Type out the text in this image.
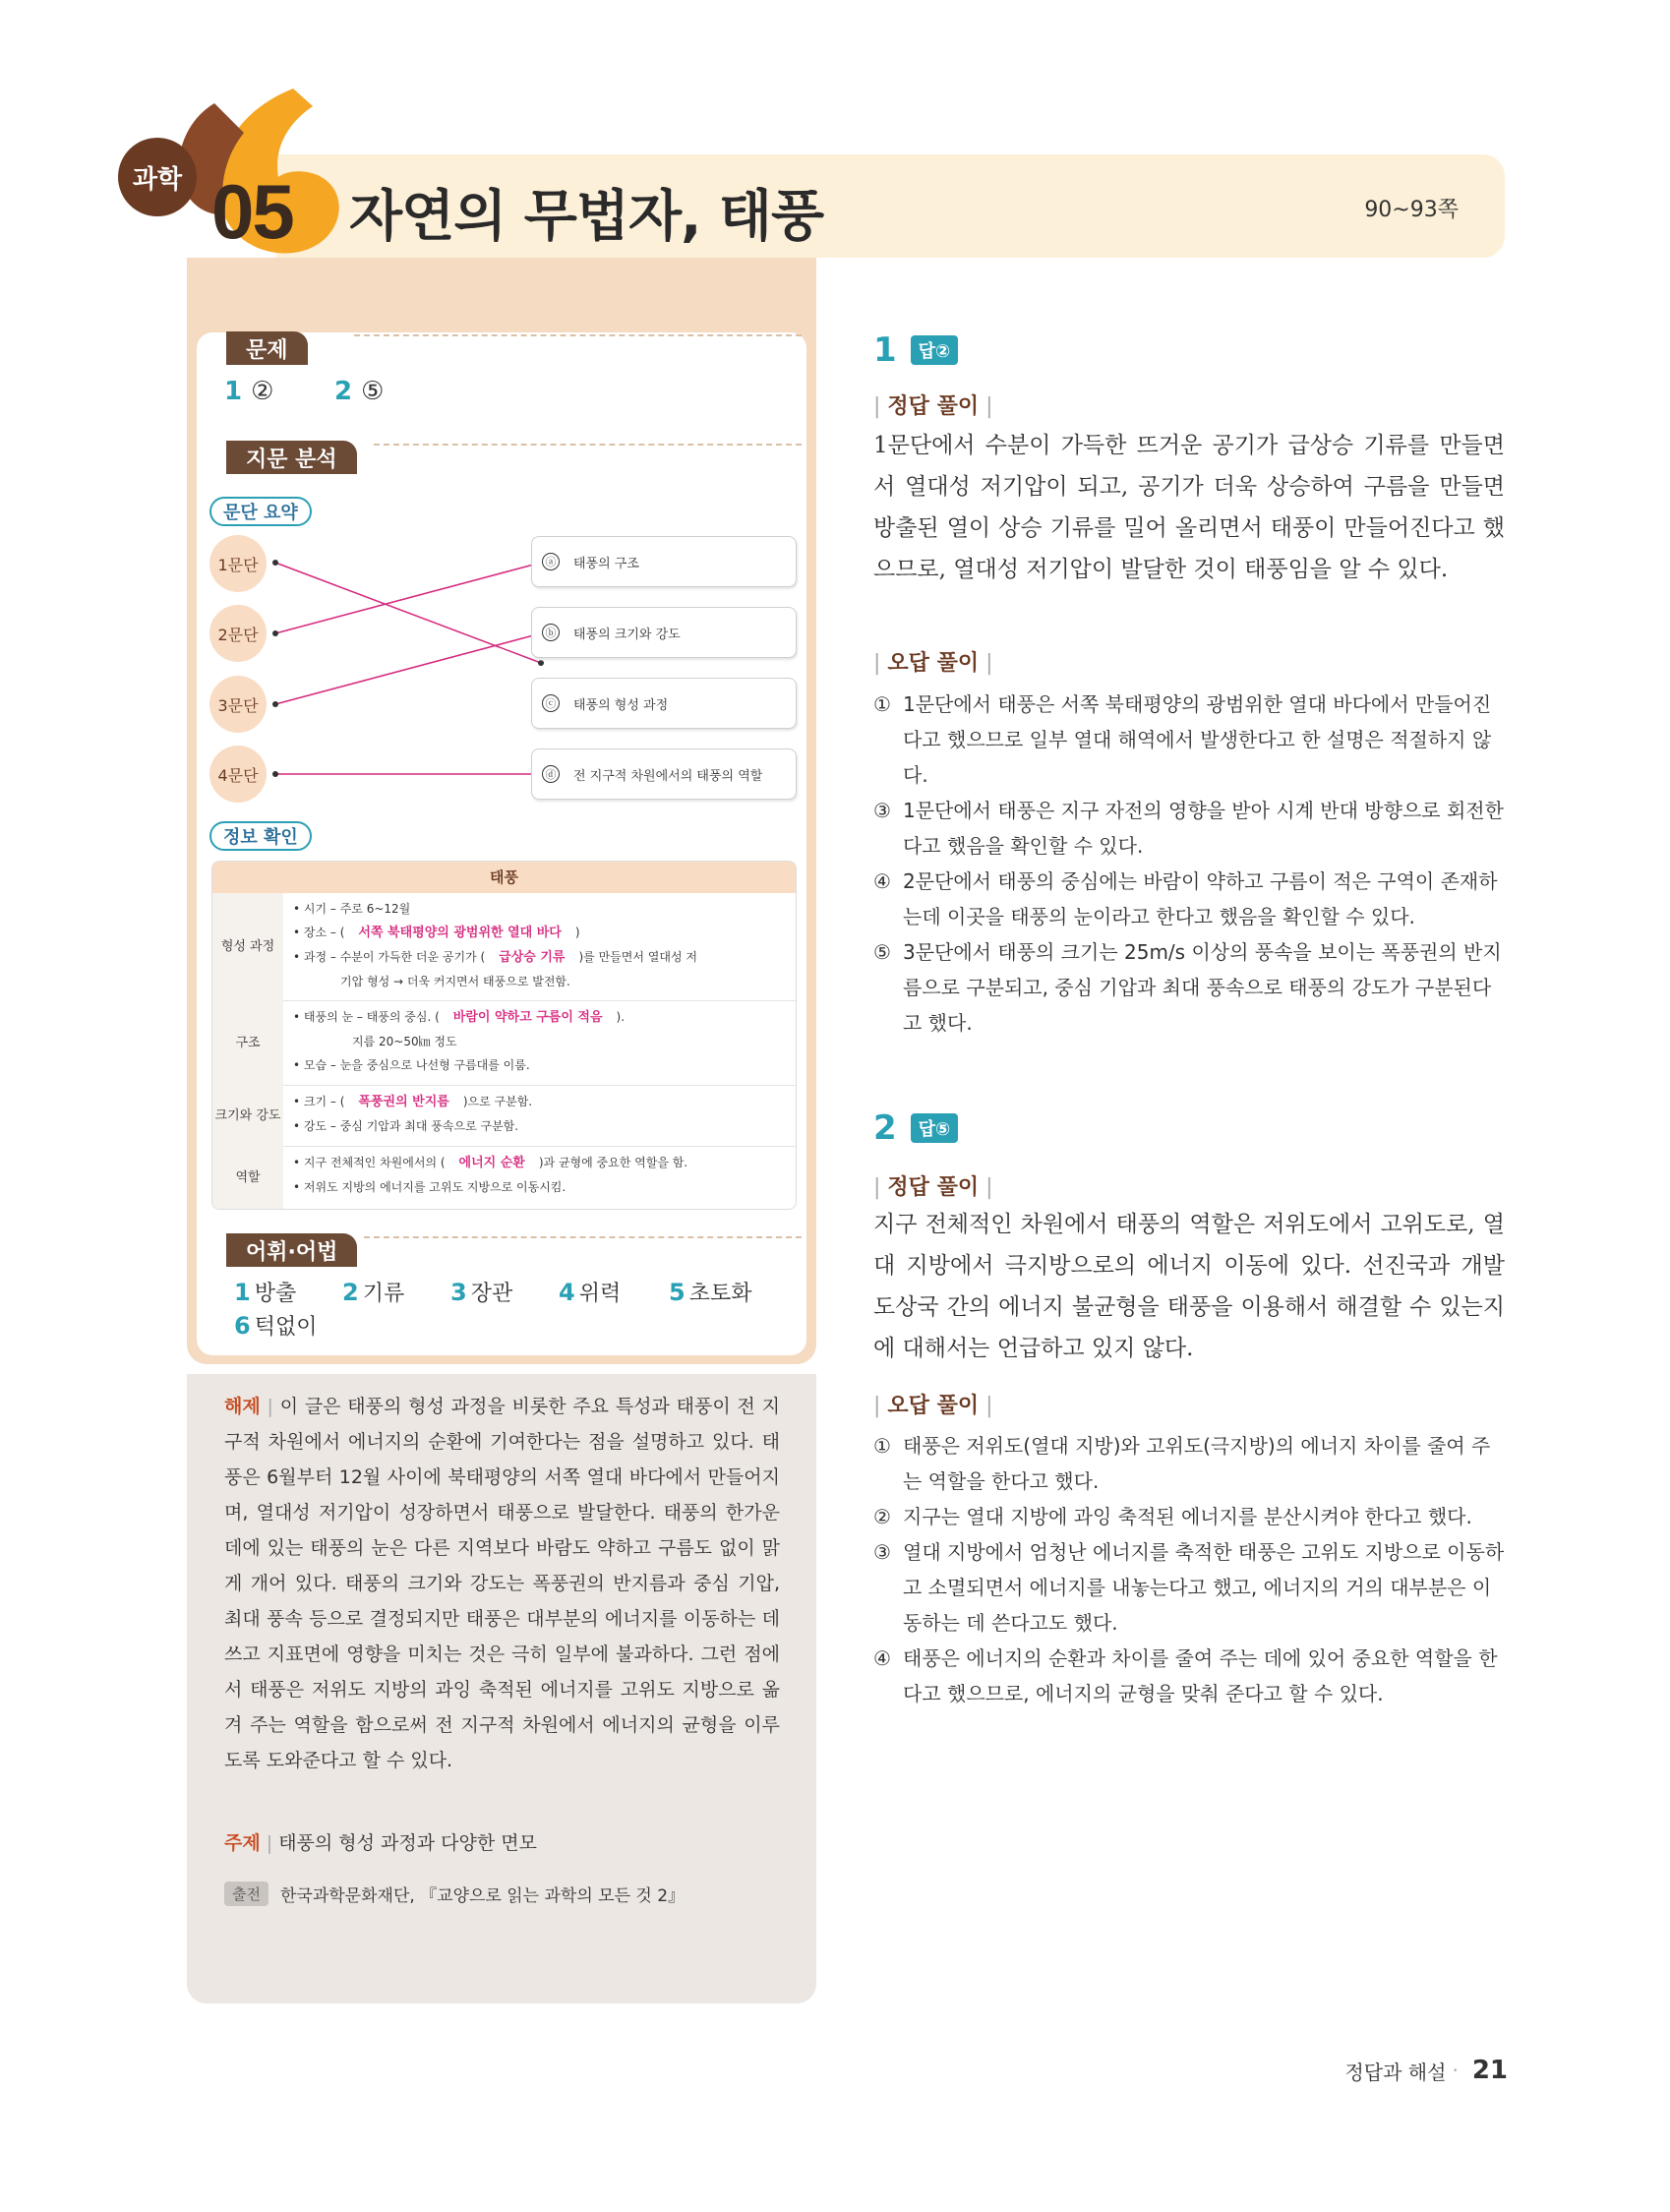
과학 05 자연의 무법자, 태풍	90~93쪽
문제
1 ② 2 ⑤
지문 분석
문단 요약
1문단
2문단
3문단
4문단
ⓐ 태풍의 구조
ⓑ 태풍의 크기와 강도
ⓒ 태풍의 형성 과정
ⓓ 전 지구적 차원에서의 태풍의 역할
정보 확인
태풍
형성 과정
• 시기 – 주로 6~12월
• 장소 – ( 서쪽 북태평양의 광범위한 열대 바다 )
• 과정 – 수분이 가득한 더운 공기가 ( 급상승 기류 )를 만들면서 열대성 저
기압 형성 → 더욱 커지면서 태풍으로 발전함.
구조
• 태풍의 눈 – 태풍의 중심. ( 바람이 약하고 구름이 적음 ).
지름 20~50㎞ 정도
• 모습 – 눈을 중심으로 나선형 구름대를 이룸.
크기와 강도
• 크기 – ( 폭풍권의 반지름 )으로 구분함.
• 강도 – 중심 기압과 최대 풍속으로 구분함.
역할
• 지구 전체적인 차원에서의 ( 에너지 순환 )과 균형에 중요한 역할을 함.
• 저위도 지방의 에너지를 고위도 지방으로 이동시킴.
어휘·어법
1 방출 2 기류 3 장관 4 위력 5 초토화
6 턱없이
해제 | 이 글은 태풍의 형성 과정을 비롯한 주요 특성과 태풍이 전 지구적 차원에서 에너지의 순환에 기여한다는 점을 설명하고 있다. 태풍은 6월부터 12월 사이에 북태평양의 서쪽 열대 바다에서 만들어지며, 열대성 저기압이 성장하면서 태풍으로 발달한다. 태풍의 한가운데에 있는 태풍의 눈은 다른 지역보다 바람도 약하고 구름도 없이 맑게 개어 있다. 태풍의 크기와 강도는 폭풍권의 반지름과 중심 기압, 최대 풍속 등으로 결정되지만 태풍은 대부분의 에너지를 이동하는 데 쓰고 지표면에 영향을 미치는 것은 극히 일부에 불과하다. 그런 점에서 태풍은 저위도 지방의 과잉 축적된 에너지를 고위도 지방으로 옮겨 주는 역할을 함으로써 전 지구적 차원에서 에너지의 균형을 이루도록 도와준다고 할 수 있다.
주제 | 태풍의 형성 과정과 다양한 면모
출전	한국과학문화재단, 『교양으로 읽는 과학의 모든 것 2』
1	답②
| 정답 풀이 |
1문단에서 수분이 가득한 뜨거운 공기가 급상승 기류를 만들면서 열대성 저기압이 되고, 공기가 더욱 상승하여 구름을 만들면 방출된 열이 상승 기류를 밀어 올리면서 태풍이 만들어진다고 했으므로, 열대성 저기압이 발달한 것이 태풍임을 알 수 있다.
| 오답 풀이 |
① 1문단에서 태풍은 서쪽 북태평양의 광범위한 열대 바다에서 만들어진다고 했으므로 일부 열대 해역에서 발생한다고 한 설명은 적절하지 않다.
③ 1문단에서 태풍은 지구 자전의 영향을 받아 시계 반대 방향으로 회전한다고 했음을 확인할 수 있다.
④ 2문단에서 태풍의 중심에는 바람이 약하고 구름이 적은 구역이 존재하는데 이곳을 태풍의 눈이라고 한다고 했음을 확인할 수 있다.
⑤ 3문단에서 태풍의 크기는 25m/s 이상의 풍속을 보이는 폭풍권의 반지름으로 구분되고, 중심 기압과 최대 풍속으로 태풍의 강도가 구분된다고 했다.
2	답⑤
| 정답 풀이 |
지구 전체적인 차원에서 태풍의 역할은 저위도에서 고위도로, 열대 지방에서 극지방으로의 에너지 이동에 있다. 선진국과 개발 도상국 간의 에너지 불균형을 태풍을 이용해서 해결할 수 있는지에 대해서는 언급하고 있지 않다.
| 오답 풀이 |
① 태풍은 저위도(열대 지방)와 고위도(극지방)의 에너지 차이를 줄여 주는 역할을 한다고 했다.
② 지구는 열대 지방에 과잉 축적된 에너지를 분산시켜야 한다고 했다.
③ 열대 지방에서 엄청난 에너지를 축적한 태풍은 고위도 지방으로 이동하고 소멸되면서 에너지를 내놓는다고 했고, 에너지의 거의 대부분은 이동하는 데 쓴다고도 했다.
④ 태풍은 에너지의 순환과 차이를 줄여 주는 데에 있어 중요한 역할을 한다고 했으므로, 에너지의 균형을 맞춰 준다고 할 수 있다.
정답과 해설 · 21
